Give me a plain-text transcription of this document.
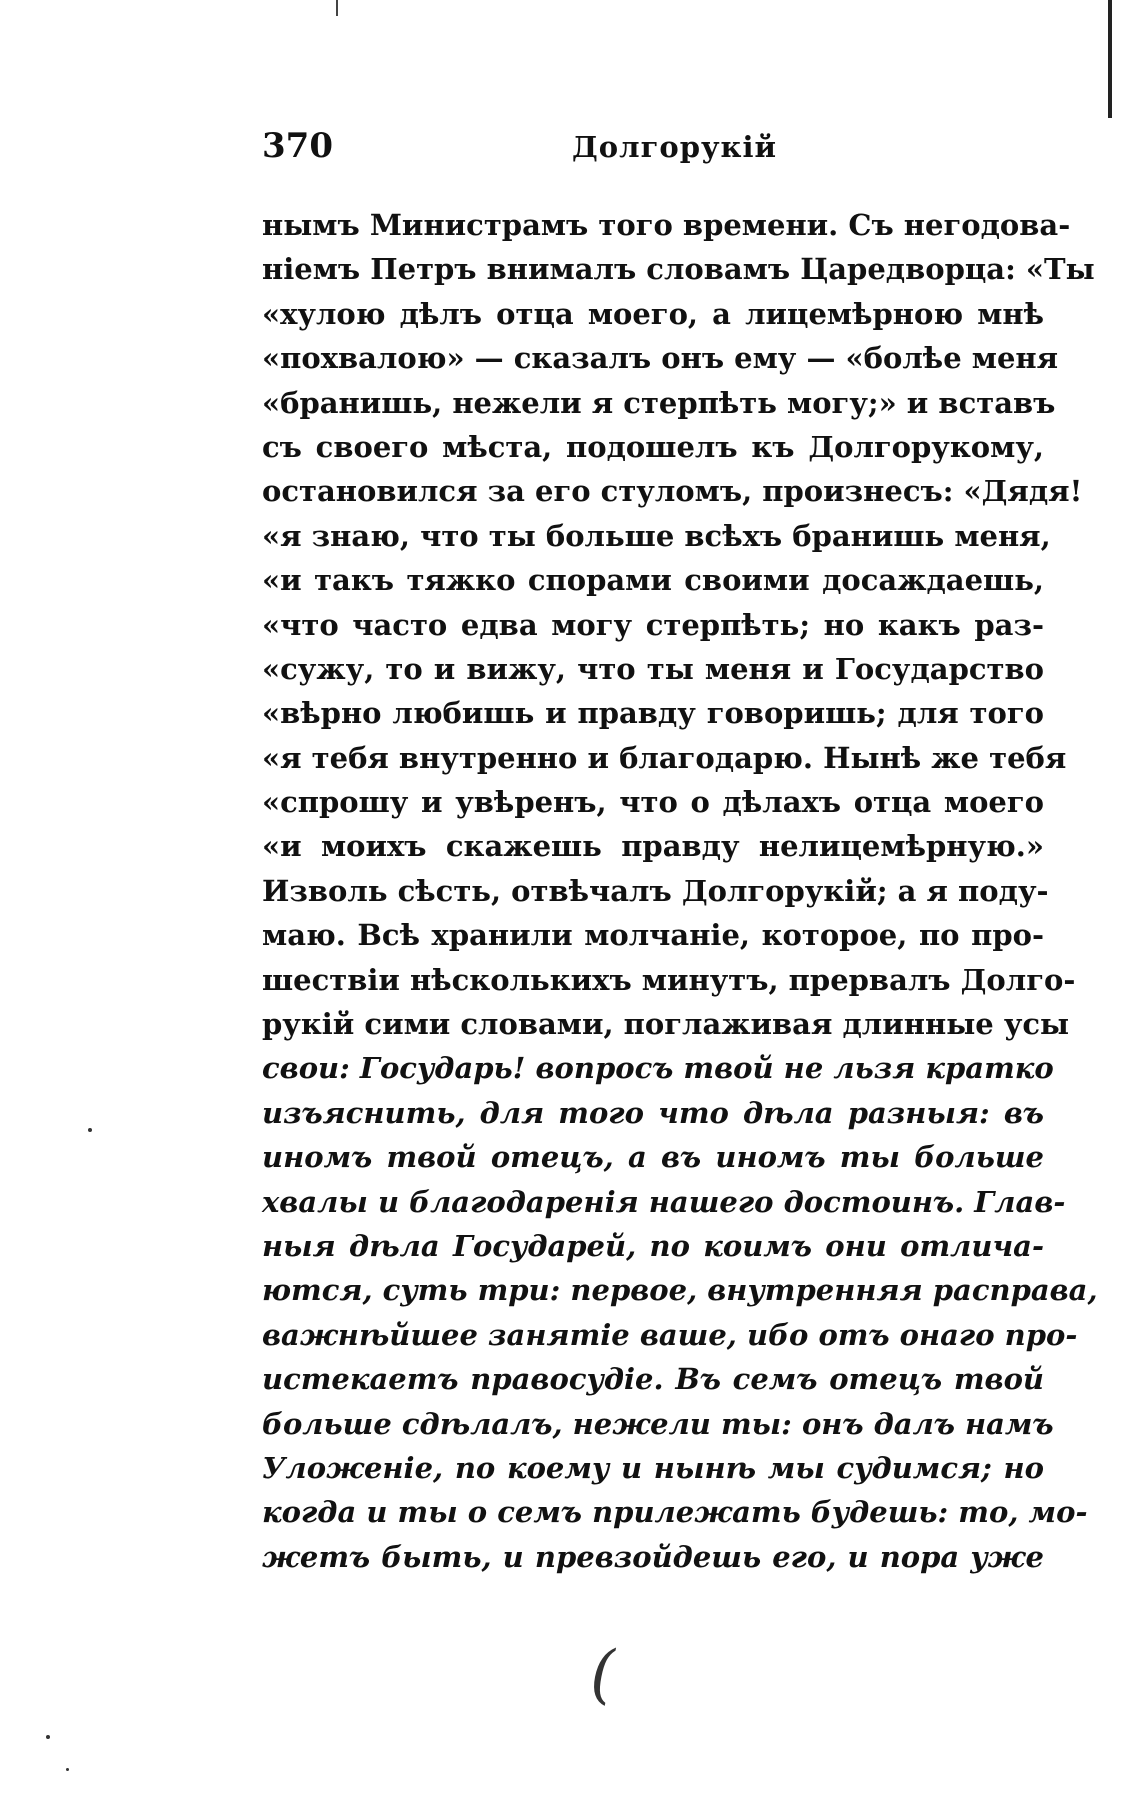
370	Долгорукій
нымъ Министрамъ того времени. Съ негодова-
ніемъ Петръ внималъ словамъ Царедворца: «Ты
«хулою дѣлъ отца моего, а лицемѣрною мнѣ
«похвалою» — сказалъ онъ ему — «болѣе меня
«бранишь, нежели я стерпѣть могу;» и вставъ
съ своего мѣста, подошелъ къ Долгорукому,
остановился за его стуломъ, произнесъ: «Дядя!
«я знаю, что ты больше всѣхъ бранишь меня,
«и такъ тяжко спорами своими досаждаешь,
«что часто едва могу стерпѣть; но какъ раз-
«сужу, то и вижу, что ты меня и Государство
«вѣрно любишь и правду говоришь; для того
«я тебя внутренно и благодарю. Нынѣ же тебя
«спрошу и увѣренъ, что о дѣлахъ отца моего
«и моихъ скажешь правду нелицемѣрную.»
Изволь сѣсть, отвѣчалъ Долгорукій; а я поду-
маю. Всѣ хранили молчаніе, которое, по про-
шествіи нѣсколькихъ минутъ, прервалъ Долго-
рукій сими словами, поглаживая длинные усы
свои: Государь! вопросъ твой не льзя кратко
изъяснить, для того что дѣла разныя: въ
иномъ твой отецъ, а въ иномъ ты больше
хвалы и благодаренія нашего достоинъ. Глав-
ныя дѣла Государей, по коимъ они отлича-
ются, суть три: первое, внутренняя расправа,
важнѣйшее занятіе ваше, ибо отъ онаго про-
истекаетъ правосудіе. Въ семъ отецъ твой
больше сдѣлалъ, нежели ты: онъ далъ намъ
Уложеніе, по коему и нынѣ мы судимся; но
когда и ты о семъ прилежать будешь: то, мо-
жетъ быть, и превзойдешь его, и пора уже
(
